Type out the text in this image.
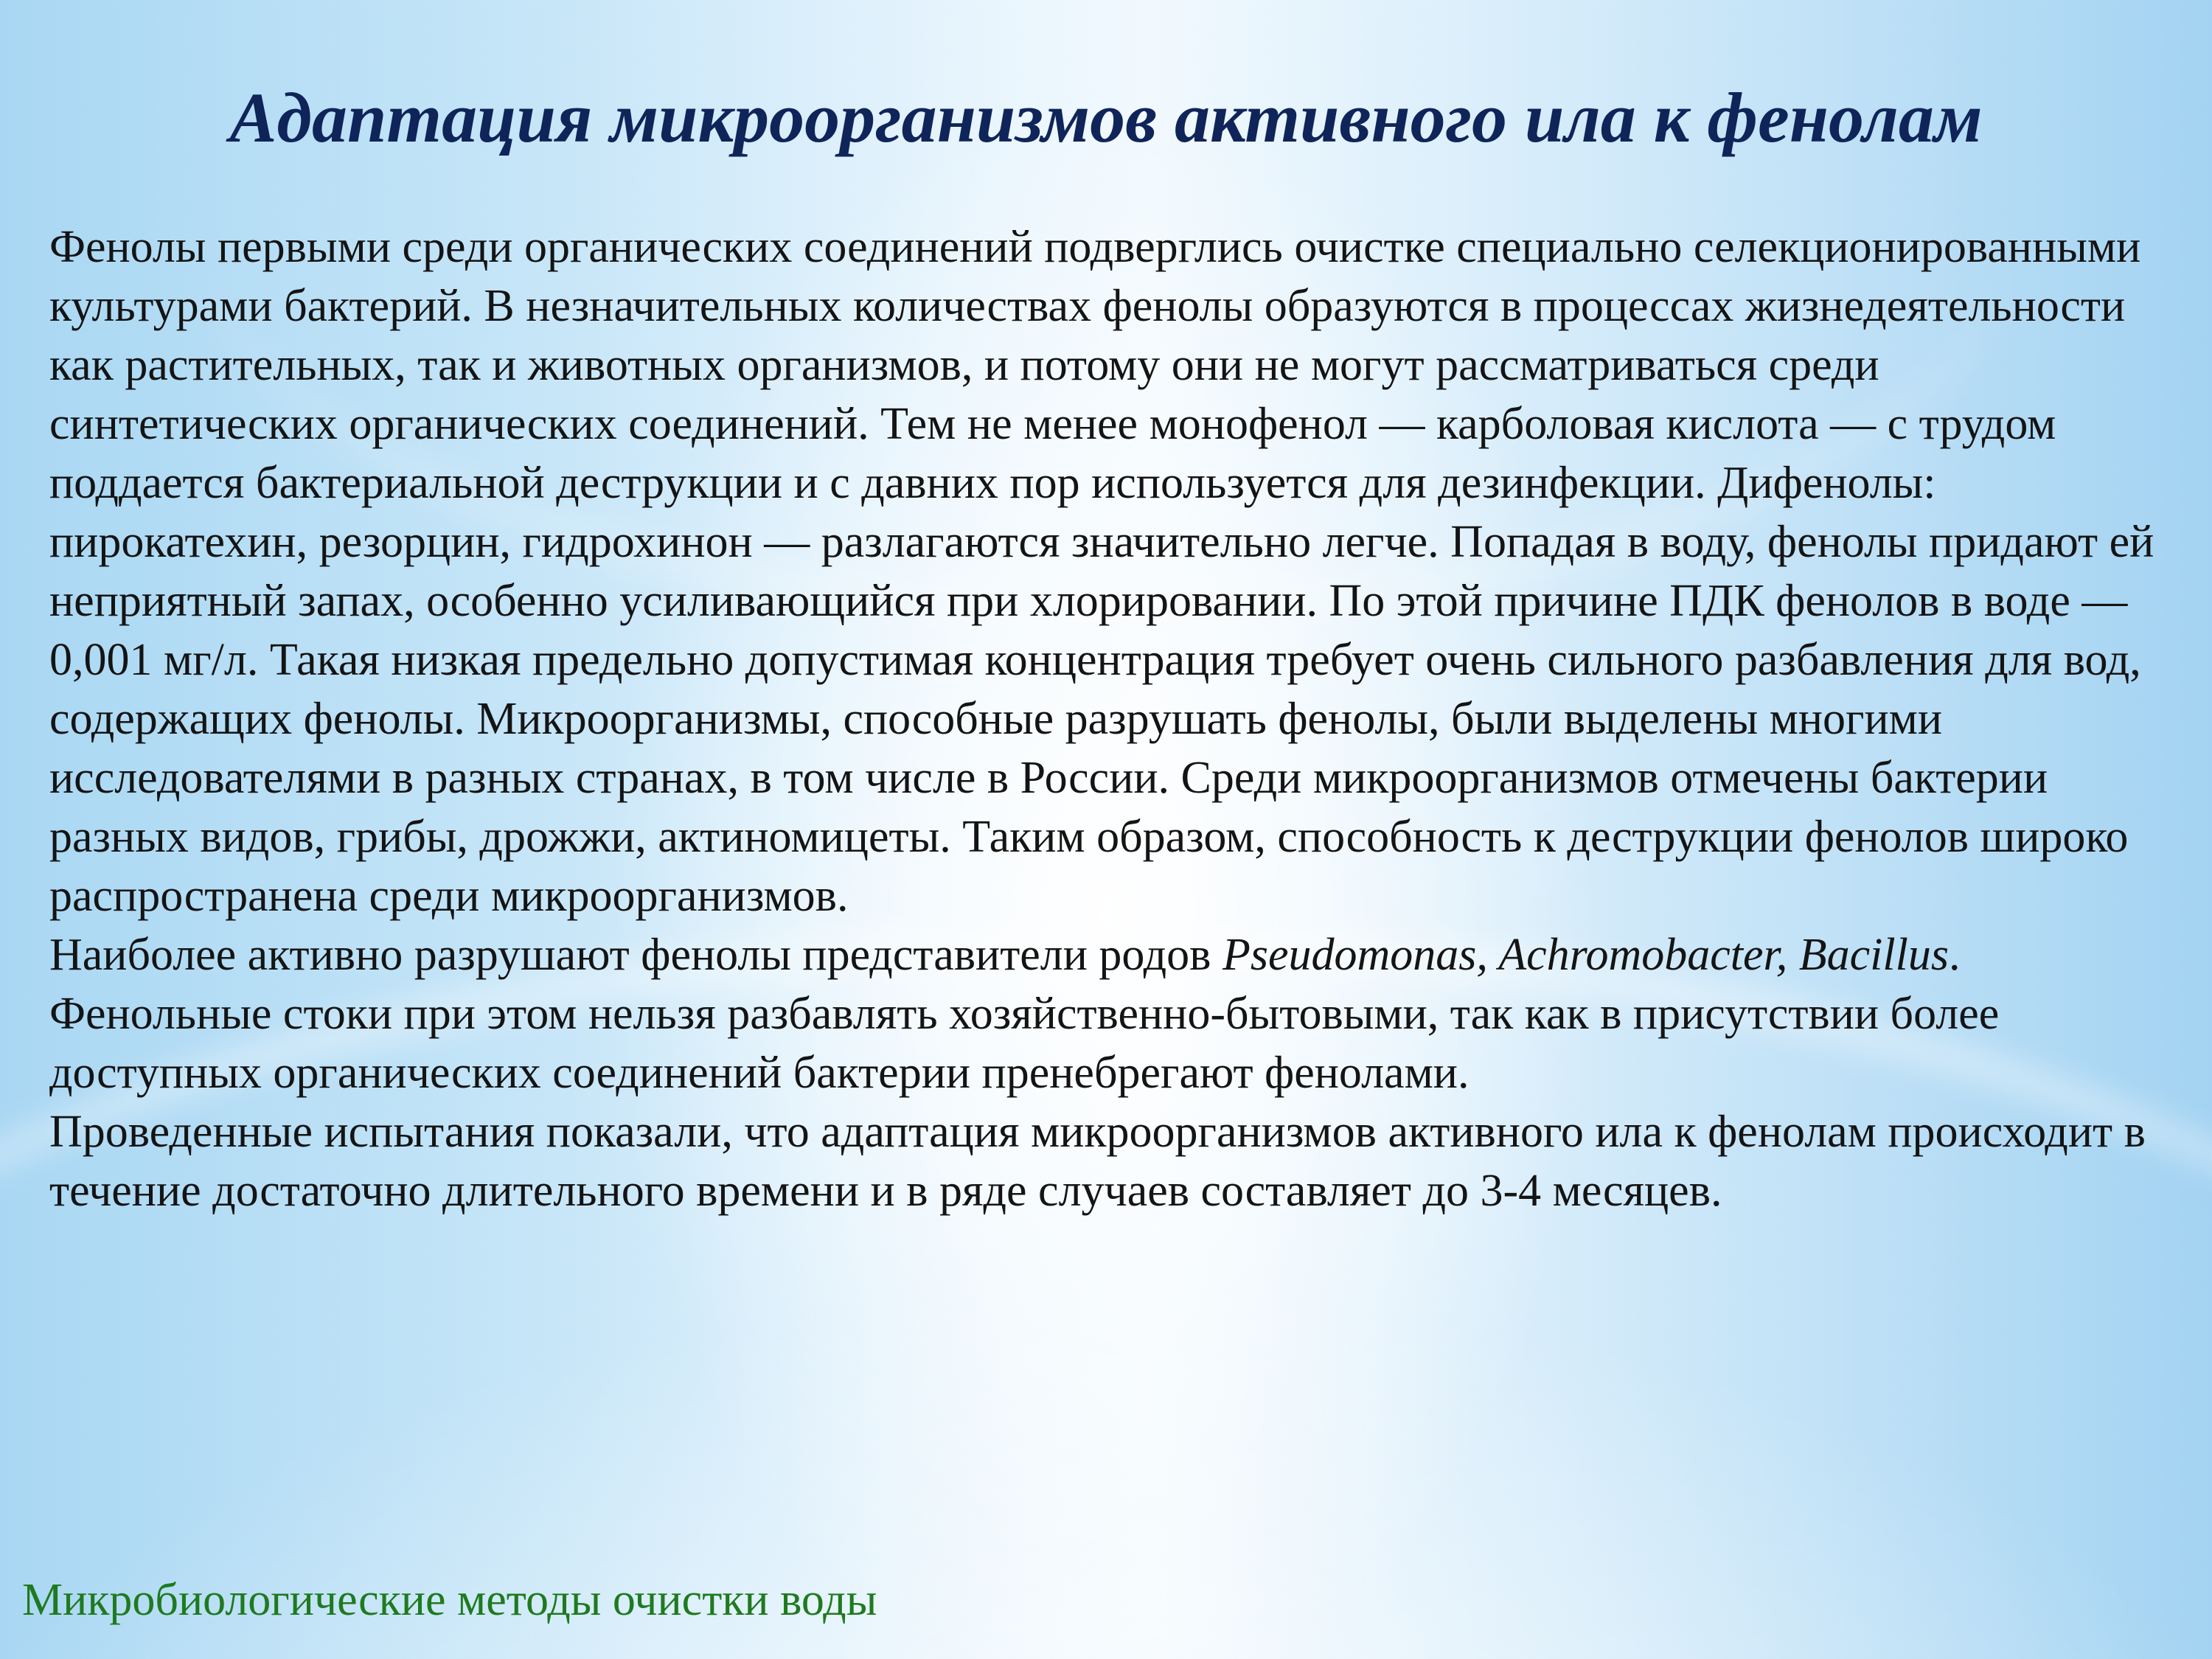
Адаптация микроорганизмов активного ила к фенолам

Фенолы первыми среди органических соединений подверглись очистке специально селекционированными культурами бактерий. В незначительных количествах фенолы образуются в процессах жизнедеятельности как растительных, так и животных организмов, и потому они не могут рассматриваться среди синтетических органических соединений. Тем не менее монофенол — карболовая кислота — с трудом поддается бактериальной деструкции и с давних пор используется для дезинфекции. Дифенолы: пирокатехин, резорцин, гидрохинон — разлагаются значительно легче. Попадая в воду, фенолы придают ей неприятный запах, особенно усиливающийся при хлорировании. По этой причине ПДК фенолов в воде — 0,001 мг/л. Такая низкая предельно допустимая концентрация требует очень сильного разбавления для вод, содержащих фенолы. Микроорганизмы, способные разрушать фенолы, были выделены многими исследователями в разных странах, в том числе в России. Среди микроорганизмов отмечены бактерии разных видов, грибы, дрожжи, актиномицеты. Таким образом, способность к деструкции фенолов широко распространена среди микроорганизмов.

Наиболее активно разрушают фенолы представители родов Pseudomonas, Achromobacter, Bacillus. Фенольные стоки при этом нельзя разбавлять хозяйственно-бытовыми, так как в присутствии более доступных органических соединений бактерии пренебрегают фенолами.

Проведенные испытания показали, что адаптация микроорганизмов активного ила к фенолам происходит в течение достаточно длительного времени и в ряде случаев составляет до 3-4 месяцев.

Микробиологические методы очистки воды
